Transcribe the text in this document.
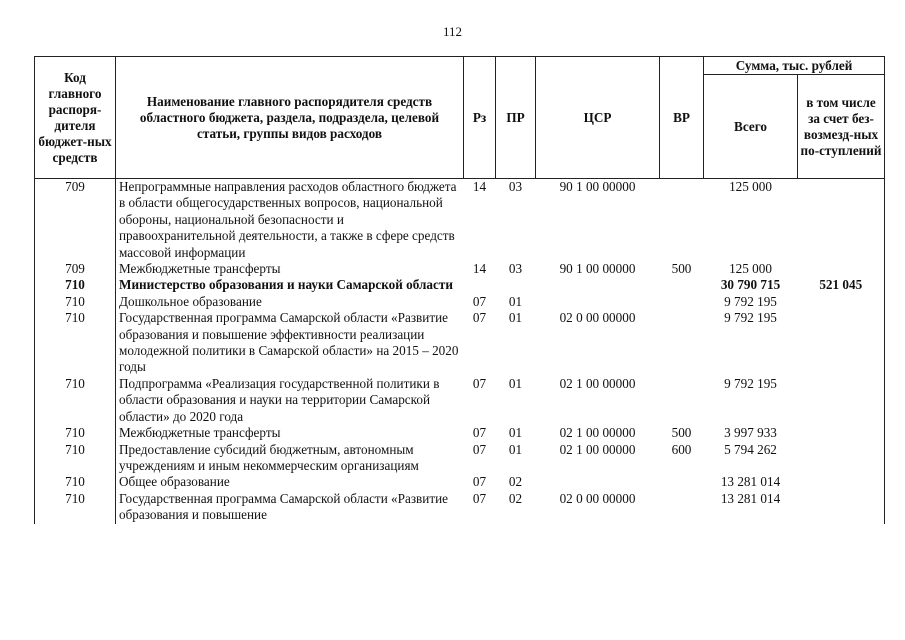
112
Код главного распоря-дителя бюджет-ных средств	Наименование главного распорядителя средств областного бюджета, раздела, подраздела, целевой статьи, группы видов расходов	Рз	ПР	ЦСР	ВР	Сумма, тыс. рублей	
						Всего	в том числе за счет без-возмезд-ных по-ступлений
709	Непрограммные направления расходов областного бюджета в области общегосударственных вопросов, национальной обороны, национальной безопасности и правоохранительной деятельности, а также в сфере средств массовой информации	14	03	90 1 00 00000		125 000	
709	Межбюджетные трансферты	14	03	90 1 00 00000	500	125 000	
710	Министерство образования и науки Самарской области					30 790 715	521 045
710	Дошкольное образование	07	01			9 792 195	
710	Государственная программа Самарской области «Развитие образования и повышение эффективности реализации молодежной политики в Самарской области» на 2015 – 2020 годы	07	01	02 0 00 00000		9 792 195	
710	Подпрограмма «Реализация государственной политики в области образования и науки на территории Самарской области» до 2020 года	07	01	02 1 00 00000		9 792 195	
710	Межбюджетные трансферты	07	01	02 1 00 00000	500	3 997 933	
710	Предоставление субсидий бюджетным, автономным учреждениям и иным некоммерческим организациям	07	01	02 1 00 00000	600	5 794 262	
710	Общее образование	07	02			13 281 014	
710	Государственная программа Самарской области «Развитие образования и повышение	07	02	02 0 00 00000		13 281 014	
